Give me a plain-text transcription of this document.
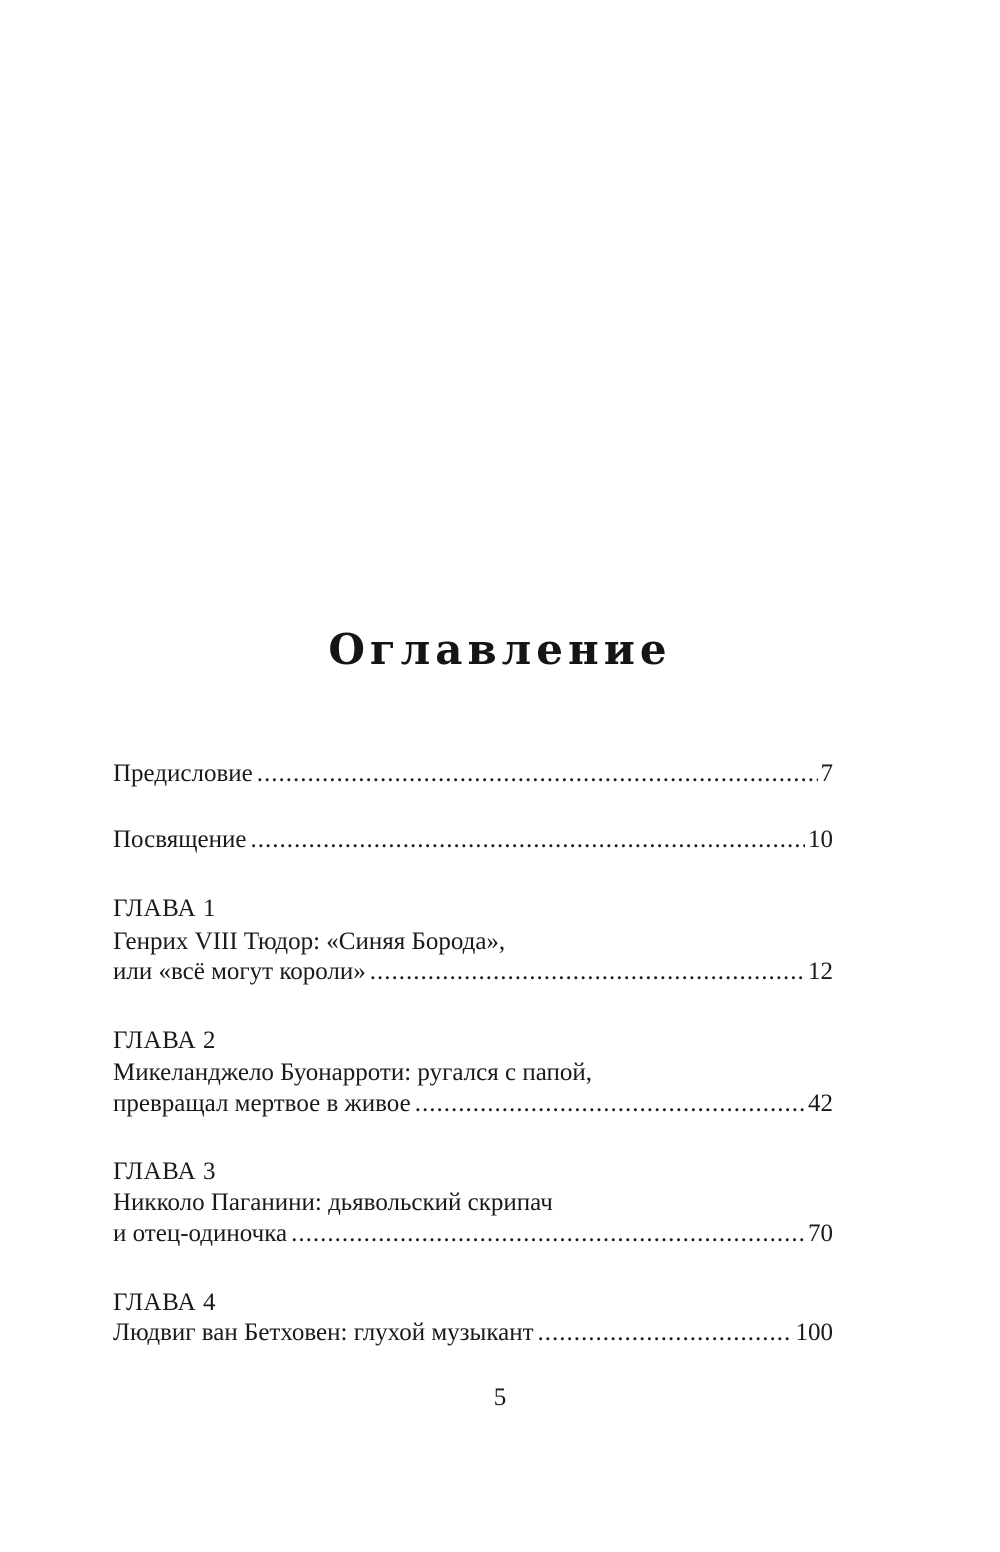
Оглавление
Предисловие .....	7
Посвящение .....	10
ГЛАВА 1
Генрих VIII Тюдор: «Синяя Борода»,
или «всё могут короли» .....	12
ГЛАВА 2
Микеланджело Буонарроти: ругался с папой,
превращал мертвое в живое .....	42
ГЛАВА 3
Никколо Паганини: дьявольский скрипач
и отец-одиночка .....	70
ГЛАВА 4
Людвиг ван Бетховен: глухой музыкант .....	100
5
